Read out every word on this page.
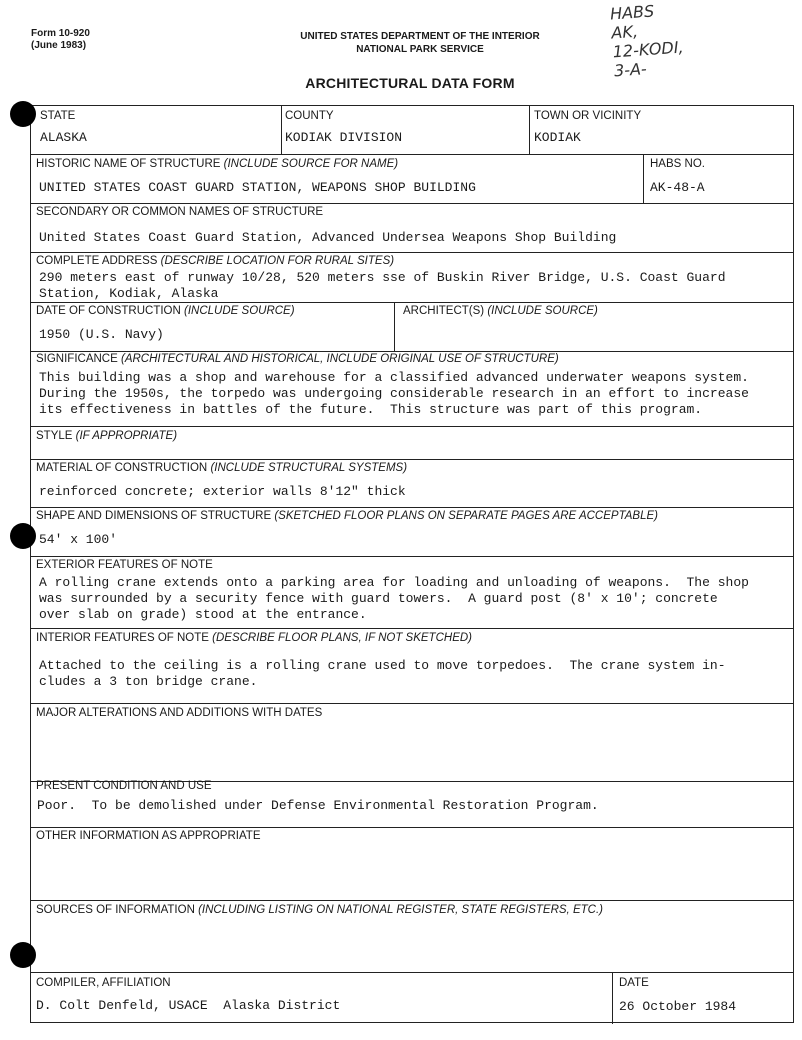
Form 10-920
(June 1983)
UNITED STATES DEPARTMENT OF THE INTERIOR
NATIONAL PARK SERVICE
ARCHITECTURAL DATA FORM
HABS
AK,
12-KODI,
3-A-
STATE
ALASKA
COUNTY
KODIAK DIVISION
TOWN OR VICINITY
KODIAK
HISTORIC NAME OF STRUCTURE (INCLUDE SOURCE FOR NAME)
UNITED STATES COAST GUARD STATION, WEAPONS SHOP BUILDING
HABS NO.
AK-48-A
SECONDARY OR COMMON NAMES OF STRUCTURE
United States Coast Guard Station, Advanced Undersea Weapons Shop Building
COMPLETE ADDRESS (DESCRIBE LOCATION FOR RURAL SITES)
290 meters east of runway 10/28, 520 meters sse of Buskin River Bridge, U.S. Coast Guard
Station, Kodiak, Alaska
DATE OF CONSTRUCTION (INCLUDE SOURCE)
1950 (U.S. Navy)
ARCHITECT(S) (INCLUDE SOURCE)
SIGNIFICANCE (ARCHITECTURAL AND HISTORICAL, INCLUDE ORIGINAL USE OF STRUCTURE)
This building was a shop and warehouse for a classified advanced underwater weapons system.
During the 1950s, the torpedo was undergoing considerable research in an effort to increase
its effectiveness in battles of the future.  This structure was part of this program.
STYLE (IF APPROPRIATE)
MATERIAL OF CONSTRUCTION (INCLUDE STRUCTURAL SYSTEMS)
reinforced concrete; exterior walls 8'12" thick
SHAPE AND DIMENSIONS OF STRUCTURE (SKETCHED FLOOR PLANS ON SEPARATE PAGES ARE ACCEPTABLE)
54' x 100'
EXTERIOR FEATURES OF NOTE
A rolling crane extends onto a parking area for loading and unloading of weapons.  The shop
was surrounded by a security fence with guard towers.  A guard post (8' x 10'; concrete
over slab on grade) stood at the entrance.
INTERIOR FEATURES OF NOTE (DESCRIBE FLOOR PLANS, IF NOT SKETCHED)
Attached to the ceiling is a rolling crane used to move torpedoes.  The crane system in-
cludes a 3 ton bridge crane.
MAJOR ALTERATIONS AND ADDITIONS WITH DATES
PRESENT CONDITION AND USE
Poor.  To be demolished under Defense Environmental Restoration Program.
OTHER INFORMATION AS APPROPRIATE
SOURCES OF INFORMATION (INCLUDING LISTING ON NATIONAL REGISTER, STATE REGISTERS, ETC.)
COMPILER, AFFILIATION
D. Colt Denfeld, USACE  Alaska District
DATE
26 October 1984
